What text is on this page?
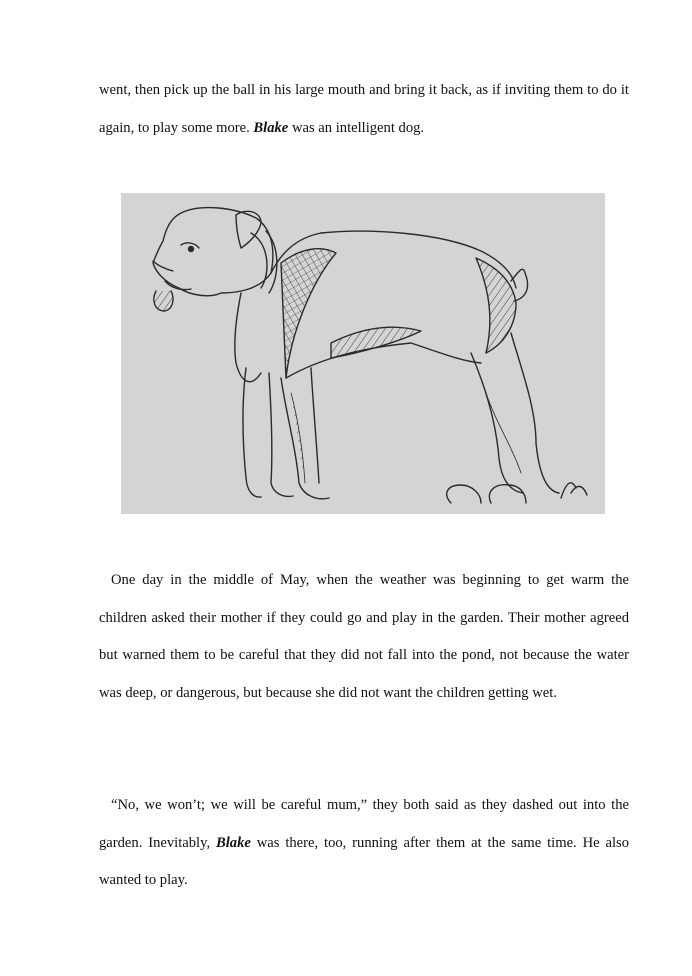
went, then pick up the ball in his large mouth and bring it back, as if inviting them to do it again, to play some more. Blake was an intelligent dog.

One day in the middle of May, when the weather was beginning to get warm the children asked their mother if they could go and play in the garden. Their mother agreed but warned them to be careful that they did not fall into the pond, not because the water was deep, or dangerous, but because she did not want the children getting wet.

“No, we won’t; we will be careful mum,” they both said as they dashed out into the garden. Inevitably, Blake was there, too, running after them at the same time. He also wanted to play.
